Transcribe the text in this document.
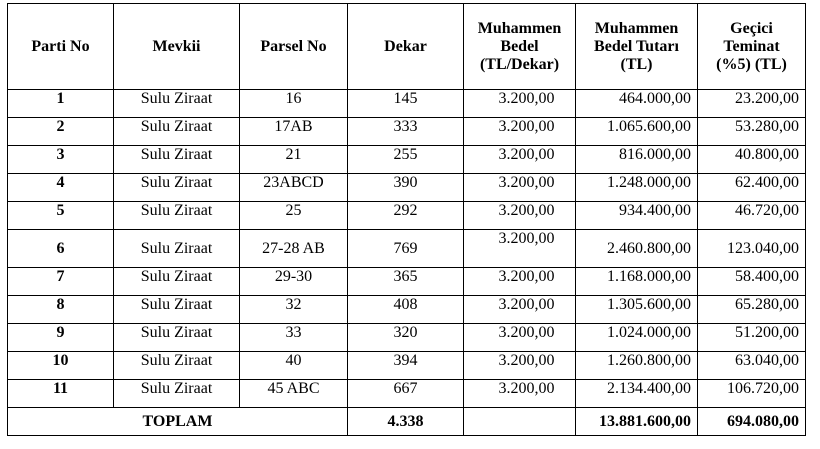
Parti No	Mevkii	Parsel No	Dekar	Muhammen
Bedel
(TL/Dekar)	Muhammen
Bedel Tutarı
(TL)	Geçici
Teminat
(%5) (TL)
1	Sulu Ziraat	16	145	3.200,00	464.000,00	23.200,00
2	Sulu Ziraat	17AB	333	3.200,00	1.065.600,00	53.280,00
3	Sulu Ziraat	21	255	3.200,00	816.000,00	40.800,00
4	Sulu Ziraat	23ABCD	390	3.200,00	1.248.000,00	62.400,00
5	Sulu Ziraat	25	292	3.200,00	934.400,00	46.720,00
6	Sulu Ziraat	27-28 AB	769	3.200,00	2.460.800,00	123.040,00
7	Sulu Ziraat	29-30	365	3.200,00	1.168.000,00	58.400,00
8	Sulu Ziraat	32	408	3.200,00	1.305.600,00	65.280,00
9	Sulu Ziraat	33	320	3.200,00	1.024.000,00	51.200,00
10	Sulu Ziraat	40	394	3.200,00	1.260.800,00	63.040,00
11	Sulu Ziraat	45 ABC	667	3.200,00	2.134.400,00	106.720,00
TOPLAM			4.338		13.881.600,00	694.080,00
